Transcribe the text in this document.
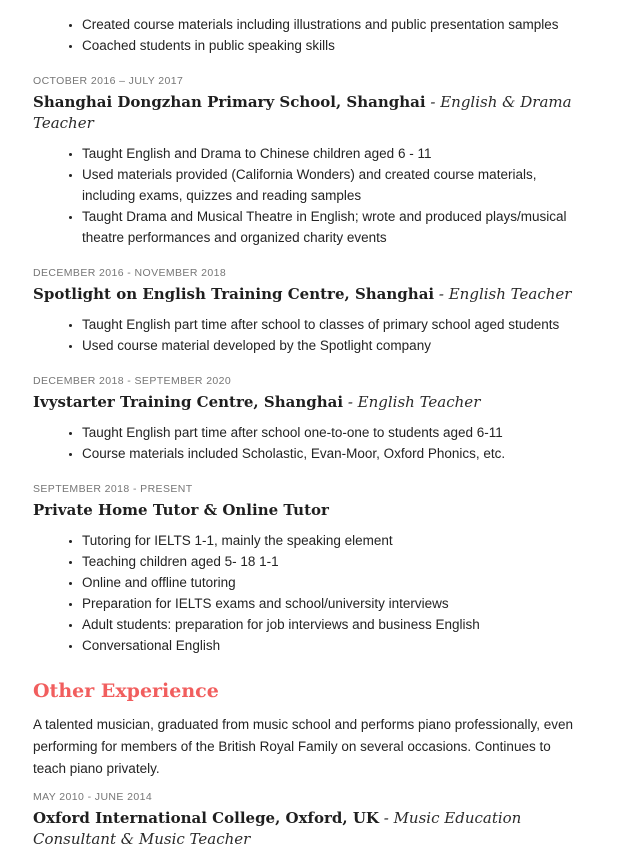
• Created course materials including illustrations and public presentation samples
• Coached students in public speaking skills
OCTOBER 2016 – JULY 2017
Shanghai Dongzhan Primary School, Shanghai - English & Drama Teacher
• Taught English and Drama to Chinese children aged 6 - 11
• Used materials provided (California Wonders) and created course materials, including exams, quizzes and reading samples
• Taught Drama and Musical Theatre in English; wrote and produced plays/musical theatre performances and organized charity events
DECEMBER 2016 - NOVEMBER 2018
Spotlight on English Training Centre, Shanghai - English Teacher
• Taught English part time after school to classes of primary school aged students
• Used course material developed by the Spotlight company
DECEMBER 2018 - SEPTEMBER 2020
Ivystarter Training Centre, Shanghai - English Teacher
• Taught English part time after school one-to-one to students aged 6-11
• Course materials included Scholastic, Evan-Moor, Oxford Phonics, etc.
SEPTEMBER 2018 - PRESENT
Private Home Tutor & Online Tutor
• Tutoring for IELTS 1-1, mainly the speaking element
• Teaching children aged 5- 18 1-1
• Online and offline tutoring
• Preparation for IELTS exams and school/university interviews
• Adult students: preparation for job interviews and business English
• Conversational English
Other Experience

A talented musician, graduated from music school and performs piano professionally, even performing for members of the British Royal Family on several occasions. Continues to teach piano privately.

MAY 2010 - JUNE 2014
Oxford International College, Oxford, UK - Music Education Consultant & Music Teacher
